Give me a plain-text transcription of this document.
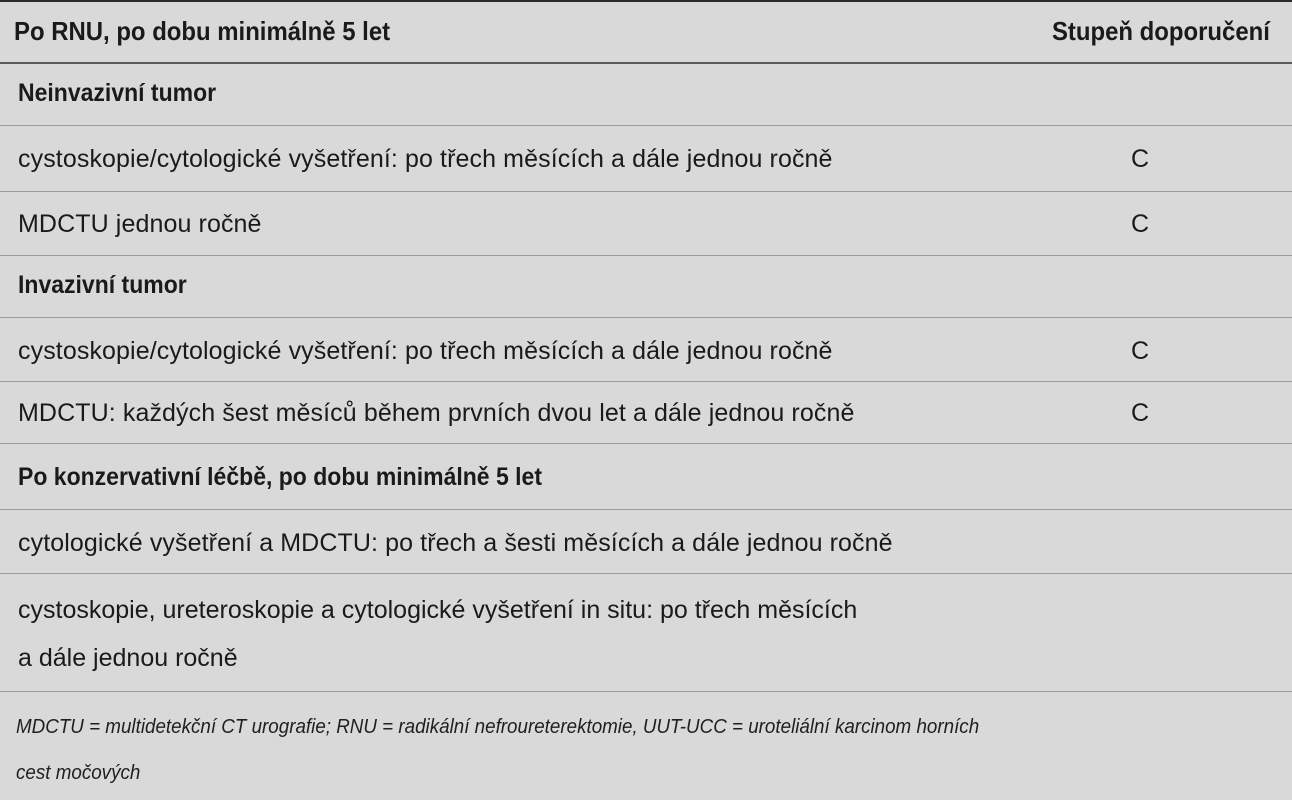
Po RNU, po dobu minimálně 5 let	Stupeň doporučení
Neinvazivní tumor
cystoskopie/cytologické vyšetření: po třech měsících a dále jednou ročně	C
MDCTU jednou ročně	C
Invazivní tumor
cystoskopie/cytologické vyšetření: po třech měsících a dále jednou ročně	C
MDCTU: každých šest měsíců během prvních dvou let a dále jednou ročně	C
Po konzervativní léčbě, po dobu minimálně 5 let
cytologické vyšetření a MDCTU: po třech a šesti měsících a dále jednou ročně
cystoskopie, ureteroskopie a cytologické vyšetření in situ: po třech měsících
a dále jednou ročně
MDCTU = multidetekční CT urografie; RNU = radikální nefroureterektomie, UUT-UCC = uroteliální karcinom horních
cest močových
